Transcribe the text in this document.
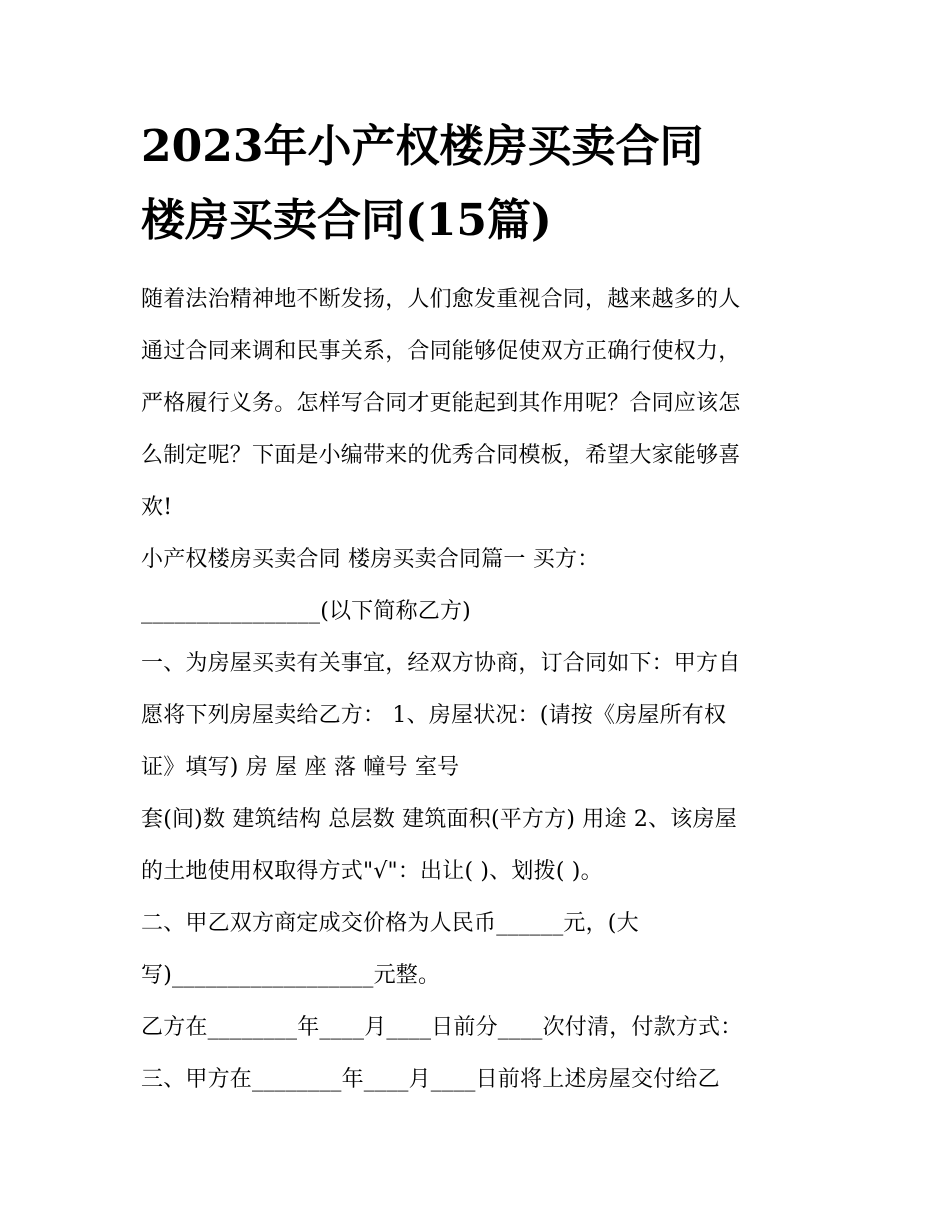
2023年小产权楼房买卖合同
楼房买卖合同(15篇)
随着法治精神地不断发扬，人们愈发重视合同，越来越多的人
通过合同来调和民事关系，合同能够促使双方正确行使权力，
严格履行义务。怎样写合同才更能起到其作用呢？合同应该怎
么制定呢？下面是小编带来的优秀合同模板，希望大家能够喜
欢!
小产权楼房买卖合同 楼房买卖合同篇一 买方：
________________(以下简称乙方)
一、为房屋买卖有关事宜，经双方协商，订合同如下：甲方自
愿将下列房屋卖给乙方： 1、房屋状况：(请按《房屋所有权
证》填写) 房 屋 座 落 幢号 室号
套(间)数 建筑结构 总层数 建筑面积(平方方) 用途 2、该房屋
的土地使用权取得方式"√"：出让( )、划拨( )。
二、甲乙双方商定成交价格为人民币______元，(大
写)__________________元整。
乙方在________年____月____日前分____次付清，付款方式：
三、甲方在________年____月____日前将上述房屋交付给乙
